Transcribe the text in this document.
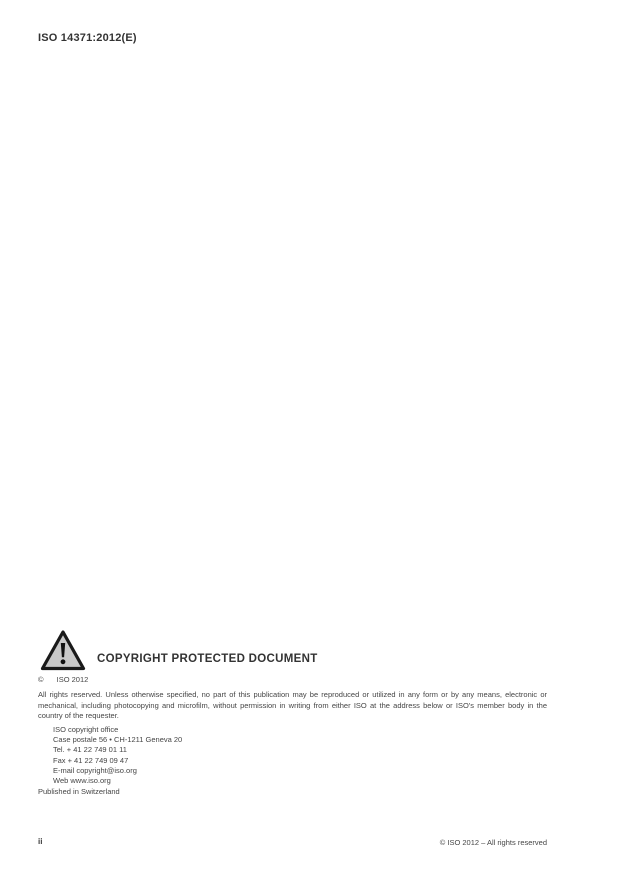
ISO 14371:2012(E)
COPYRIGHT PROTECTED DOCUMENT
© ISO 2012
All rights reserved. Unless otherwise specified, no part of this publication may be reproduced or utilized in any form or by any means, electronic or mechanical, including photocopying and microfilm, without permission in writing from either ISO at the address below or ISO's member body in the country of the requester.
ISO copyright office
Case postale 56 • CH-1211 Geneva 20
Tel. + 41 22 749 01 11
Fax + 41 22 749 09 47
E-mail copyright@iso.org
Web www.iso.org
Published in Switzerland
ii	© ISO 2012 – All rights reserved
